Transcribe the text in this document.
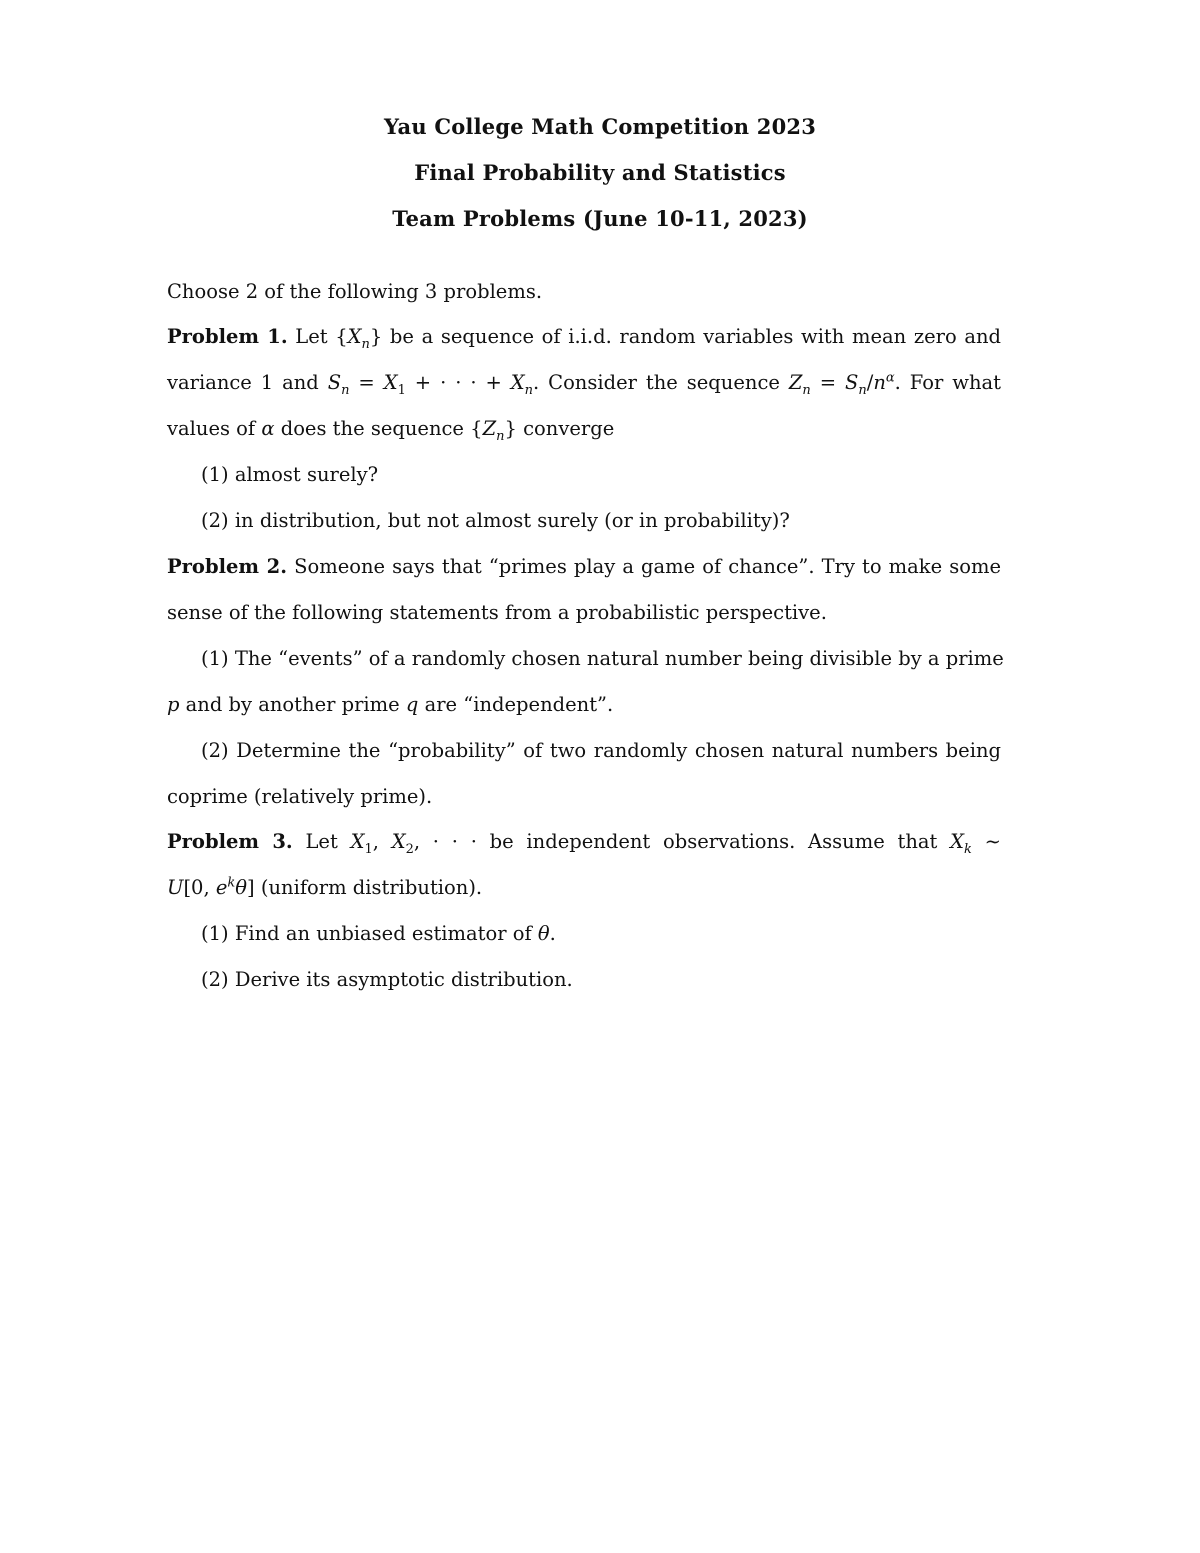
Yau College Math Competition 2023
Final Probability and Statistics
Team Problems (June 10-11, 2023)
Choose 2 of the following 3 problems.
Problem 1. Let $\{X_n\}$ be a sequence of i.i.d. random variables with mean zero and
variance 1 and $S_n = X_1$ + · · · + $X_n$. Consider the sequence $Z_n = S_n/n^\alpha$. For what
values of α does the sequence $\{Z_n\}$ converge
(1) almost surely?
(2) in distribution, but not almost surely (or in probability)?
Problem 2. Someone says that “primes play a game of chance”. Try to make some
sense of the following statements from a probabilistic perspective.
(1) The “events” of a randomly chosen natural number being divisible by a prime
p and by another prime q are “independent”.
(2) Determine the “probability” of two randomly chosen natural numbers being
coprime (relatively prime).
Problem 3. Let $X_1$, $X_2$, · · · be independent observations. Assume that $X_k$ ∼
U[0, $e^k\theta$] (uniform distribution).
(1) Find an unbiased estimator of θ.
(2) Derive its asymptotic distribution.
